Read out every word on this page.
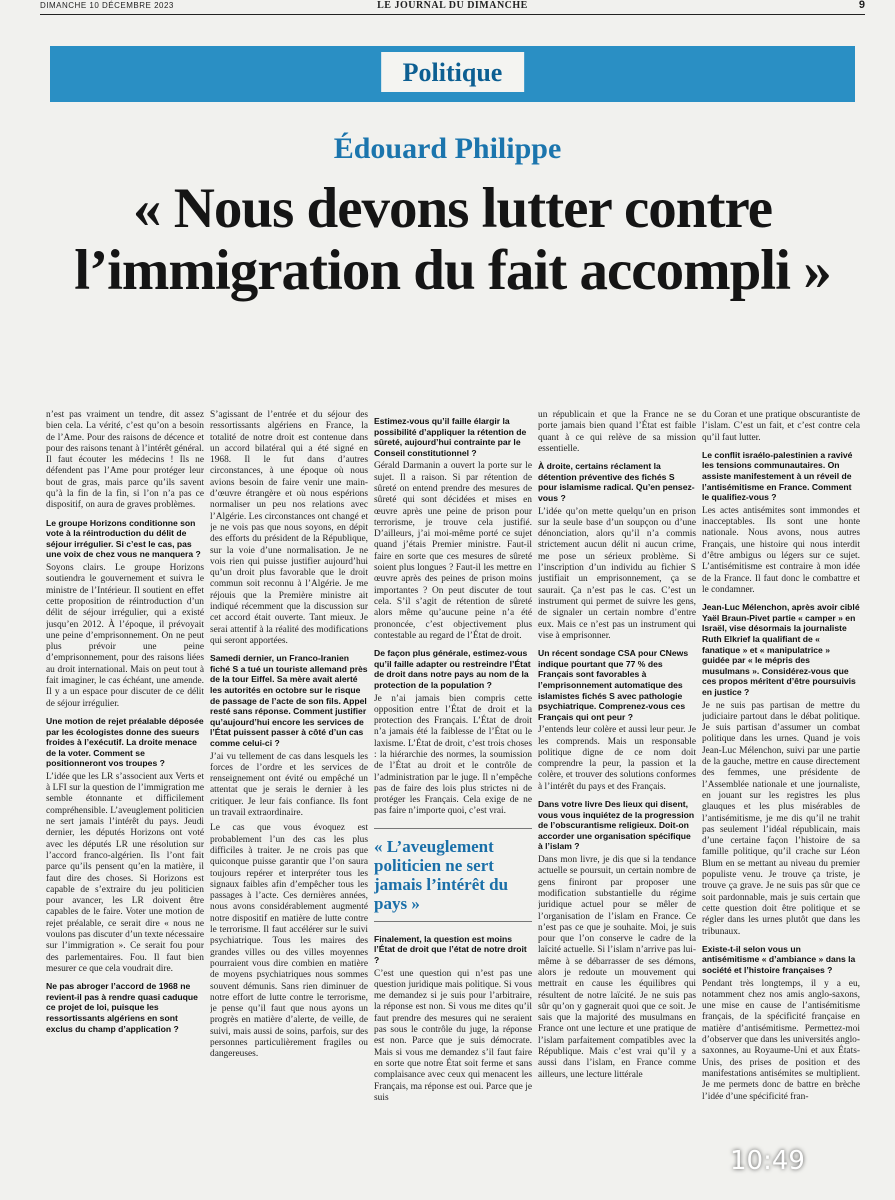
DIMANCHE 10 DÉCEMBRE 2023	LE JOURNAL DU DIMANCHE	9
Politique
Édouard Philippe
« Nous devons lutter contre l’immigration du fait accompli »

n’est pas vraiment un tendre, dit assez bien cela. La vérité, c’est qu’on a besoin de l’Ame. Pour des raisons de décence et pour des raisons tenant à l’intérêt général. Il faut écouter les médecins ! Ils ne défendent pas l’Ame pour protéger leur bout de gras, mais parce qu’ils savent qu’à la fin de la fin, si l’on n’a pas ce dispositif, on aura de graves problèmes.

Le groupe Horizons conditionne son vote à la réintroduction du délit de séjour irrégulier. Si c’est le cas, pas une voix de chez vous ne manquera ?

Soyons clairs. Le groupe Horizons soutiendra le gouvernement et suivra le ministre de l’Intérieur. Il soutient en effet cette proposition de réintroduction d’un délit de séjour irrégulier, qui a existé jusqu’en 2012. À l’époque, il prévoyait une peine d’emprisonnement. On ne peut plus prévoir une peine d’emprisonnement, pour des raisons liées au droit international. Mais on peut tout à fait imaginer, le cas échéant, une amende. Il y a un espace pour discuter de ce délit de séjour irrégulier.

Une motion de rejet préalable déposée par les écologistes donne des sueurs froides à l’exécutif. La droite menace de la voter. Comment se positionneront vos troupes ?

L’idée que les LR s’associent aux Verts et à LFI sur la question de l’immigration me semble étonnante et difficilement compréhensible. L’aveuglement politicien ne sert jamais l’intérêt du pays. Jeudi dernier, les députés Horizons ont voté avec les députés LR une résolution sur l’accord franco-algérien. Ils l’ont fait parce qu’ils pensent qu’en la matière, il faut dire des choses. Si Horizons est capable de s’extraire du jeu politicien pour avancer, les LR doivent être capables de le faire. Voter une motion de rejet préalable, ce serait dire « nous ne voulons pas discuter d’un texte nécessaire sur l’immigration ». Ce serait fou pour des parlementaires. Fou. Il faut bien mesurer ce que cela voudrait dire.

Ne pas abroger l’accord de 1968 ne revient-il pas à rendre quasi caduque ce projet de loi, puisque les ressortissants algériens en sont exclus du champ d’application ?

S’agissant de l’entrée et du séjour des ressortissants algériens en France, la totalité de notre droit est contenue dans un accord bilatéral qui a été signé en 1968. Il le fut dans d’autres circonstances, à une époque où nous avions besoin de faire venir une main-d’œuvre étrangère et où nous espérions normaliser un peu nos relations avec l’Algérie. Les circonstances ont changé et je ne vois pas que nous soyons, en dépit des efforts du président de la République, sur la voie d’une normalisation. Je ne vois rien qui puisse justifier aujourd’hui qu’un droit plus favorable que le droit commun soit reconnu à l’Algérie. Je me réjouis que la Première ministre ait indiqué récemment que la discussion sur cet accord était ouverte. Tant mieux. Je serai attentif à la réalité des modifications qui seront apportées.

Samedi dernier, un Franco-Iranien fiché S a tué un touriste allemand près de la tour Eiffel. Sa mère avait alerté les autorités en octobre sur le risque de passage de l’acte de son fils. Appel resté sans réponse. Comment justifier qu’aujourd’hui encore les services de l’État puissent passer à côté d’un cas comme celui-ci ?

J’ai vu tellement de cas dans lesquels les forces de l’ordre et les services de renseignement ont évité ou empêché un attentat que je serais le dernier à les critiquer. Je leur fais confiance. Ils font un travail extraordinaire.

Le cas que vous évoquez est probablement l’un des cas les plus difficiles à traiter. Je ne crois pas que quiconque puisse garantir que l’on saura toujours repérer et interpréter tous les signaux faibles afin d’empêcher tous les passages à l’acte. Ces dernières années, nous avons considérablement augmenté notre dispositif en matière de lutte contre le terrorisme. Il faut accélérer sur le suivi psychiatrique. Tous les maires des grandes villes ou des villes moyennes pourraient vous dire combien en matière de moyens psychiatriques nous sommes souvent démunis. Sans rien diminuer de notre effort de lutte contre le terrorisme, je pense qu’il faut que nous ayons un progrès en matière d’alerte, de veille, de suivi, mais aussi de soins, parfois, sur des personnes particulièrement fragiles ou dangereuses.

Estimez-vous qu’il faille élargir la possibilité d’appliquer la rétention de sûreté, aujourd’hui contrainte par le Conseil constitutionnel ?

Gérald Darmanin a ouvert la porte sur le sujet. Il a raison. Si par rétention de sûreté on entend prendre des mesures de sûreté qui sont décidées et mises en œuvre après une peine de prison pour terrorisme, je trouve cela justifié. D’ailleurs, j’ai moi-même porté ce sujet quand j’étais Premier ministre. Faut-il faire en sorte que ces mesures de sûreté soient plus longues ? Faut-il les mettre en œuvre après des peines de prison moins importantes ? On peut discuter de tout cela. S’il s’agit de rétention de sûreté alors même qu’aucune peine n’a été prononcée, c’est objectivement plus contestable au regard de l’État de droit.

De façon plus générale, estimez-vous qu’il faille adapter ou restreindre l’État de droit dans notre pays au nom de la protection de la population ?

Je n’ai jamais bien compris cette opposition entre l’État de droit et la protection des Français. L’État de droit n’a jamais été la faiblesse de l’État ou le laxisme. L’État de droit, c’est trois choses : la hiérarchie des normes, la soumission de l’État au droit et le contrôle de l’administration par le juge. Il n’empêche pas de faire des lois plus strictes ni de protéger les Français. Cela exige de ne pas faire n’importe quoi, c’est vrai.

« L’aveuglement politicien ne sert jamais l’intérêt du pays »

Finalement, la question est moins l’État de droit que l’état de notre droit ?

C’est une question qui n’est pas une question juridique mais politique. Si vous me demandez si je suis pour l’arbitraire, la réponse est non. Si vous me dites qu’il faut prendre des mesures qui ne seraient pas sous le contrôle du juge, la réponse est non. Parce que je suis démocrate. Mais si vous me demandez s’il faut faire en sorte que notre État soit ferme et sans complaisance avec ceux qui menacent les Français, ma réponse est oui. Parce que je suis

un républicain et que la France ne se porte jamais bien quand l’État est faible quant à ce qui relève de sa mission essentielle.

À droite, certains réclament la détention préventive des fichés S pour islamisme radical. Qu’en pensez-vous ?

L’idée qu’on mette quelqu’un en prison sur la seule base d’un soupçon ou d’une dénonciation, alors qu’il n’a commis strictement aucun délit ni aucun crime, me pose un sérieux problème. Si l’inscription d’un individu au fichier S justifiait un emprisonnement, ça se saurait. Ça n’est pas le cas. C’est un instrument qui permet de suivre les gens, de signaler un certain nombre d’entre eux. Mais ce n’est pas un instrument qui vise à emprisonner.

Un récent sondage CSA pour CNews indique pourtant que 77 % des Français sont favorables à l’emprisonnement automatique des islamistes fichés S avec pathologie psychiatrique. Comprenez-vous ces Français qui ont peur ?

J’entends leur colère et aussi leur peur. Je les comprends. Mais un responsable politique digne de ce nom doit comprendre la peur, la passion et la colère, et trouver des solutions conformes à l’intérêt du pays et des Français.

Dans votre livre Des lieux qui disent, vous vous inquiétez de la progression de l’obscurantisme religieux. Doit-on accorder une organisation spécifique à l’islam ?

Dans mon livre, je dis que si la tendance actuelle se poursuit, un certain nombre de gens finiront par proposer une modification substantielle du régime juridique actuel pour se mêler de l’organisation de l’islam en France. Ce n’est pas ce que je souhaite. Moi, je suis pour que l’on conserve le cadre de la laïcité actuelle. Si l’islam n’arrive pas lui-même à se débarrasser de ses démons, alors je redoute un mouvement qui mettrait en cause les équilibres qui résultent de notre laïcité. Je ne suis pas sûr qu’on y gagnerait quoi que ce soit. Je sais que la majorité des musulmans en France ont une lecture et une pratique de l’islam parfaitement compatibles avec la République. Mais c’est vrai qu’il y a aussi dans l’islam, en France comme ailleurs, une lecture littérale

du Coran et une pratique obscurantiste de l’islam. C’est un fait, et c’est contre cela qu’il faut lutter.

Le conflit israélo-palestinien a ravivé les tensions communautaires. On assiste manifestement à un réveil de l’antisémitisme en France. Comment le qualifiez-vous ?

Les actes antisémites sont immondes et inacceptables. Ils sont une honte nationale. Nous avons, nous autres Français, une histoire qui nous interdit d’être ambigus ou légers sur ce sujet. L’antisémitisme est contraire à mon idée de la France. Il faut donc le combattre et le condamner.

Jean-Luc Mélenchon, après avoir ciblé Yaël Braun-Pivet partie « camper » en Israël, vise désormais la journaliste Ruth Elkrief la qualifiant de « fanatique » et « manipulatrice » guidée par « le mépris des musulmans ». Considérez-vous que ces propos méritent d’être poursuivis en justice ?

Je ne suis pas partisan de mettre du judiciaire partout dans le débat politique. Je suis partisan d’assumer un combat politique dans les urnes. Quand je vois Jean-Luc Mélenchon, suivi par une partie de la gauche, mettre en cause directement des femmes, une présidente de l’Assemblée nationale et une journaliste, en jouant sur les registres les plus glauques et les plus misérables de l’antisémitisme, je me dis qu’il ne trahit pas seulement l’idéal républicain, mais d’une certaine façon l’histoire de sa famille politique, qu’il crache sur Léon Blum en se mettant au niveau du premier populiste venu. Je trouve ça triste, je trouve ça grave. Je ne suis pas sûr que ce soit pardonnable, mais je suis certain que cette question doit être politique et se régler dans les urnes plutôt que dans les tribunaux.

Existe-t-il selon vous un antisémitisme « d’ambiance » dans la société et l’histoire françaises ?

Pendant très longtemps, il y a eu, notamment chez nos amis anglo-saxons, une mise en cause de l’antisémitisme français, de la spécificité française en matière d’antisémitisme. Permettez-moi d’observer que dans les universités anglo-saxonnes, au Royaume-Uni et aux États-Unis, des prises de position et des manifestations antisémites se multiplient. Je me permets donc de battre en brèche l’idée d’une spécificité fran-

10:49
